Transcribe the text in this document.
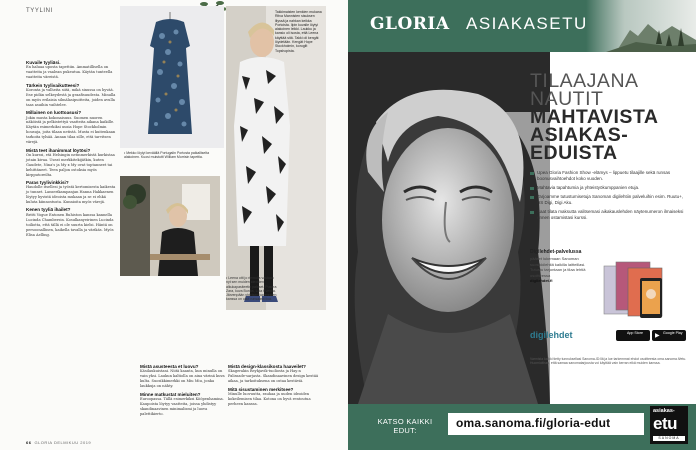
TYYLINI
• Mekko löytyi keväällä Portugalin Portosta paikalliselta alakoinen. Kuosi muistutti William Morrisin tapettia.
Takkimaisten kenkien mukana Ritva Mannisten sisuksen lilyssä ja nahkan keikka Portoista. Ilpin kuvalle löytyi alakoinen leikki. Laukku ja kansio oli isosta, että Leena käyttää sitä. Takki oli kengät löydetään. Kengät Hope Stockholmin, korugilt Topshopista.
• Leena otti jo riemulla vastaan nyt sen muiden ideoiden alkukapasiteetin palaset. Pusera Zara, kuva Bunba, Lola Kventia. Järvenpään yhteisen kavereiden kanssa on ollut runsaasti iloa.
Kuvaile tyyliäsi.
En haluaa uposta tapettiin. Ammatillisella on vaatteita ja vaalean pukeutua. Käytän tunteella vaatteita väreistä.
Tärkein tyylivaikutteesi?
Koronta ja valheita siitä, mikä sinussa on hyvää. Itse pidän selkeydestä ja graafisuudesta. Minulla on myös erilaisia silmälasipuitteita, joiden avulla taas asuihin vaihtelee.
Millainen on luottoasusi?
Jokin musta kokonaisuus. Suomen nuoren näköistä ja pelkistettyä vaatteita aikana kaikille. Käytän esimerkiksi uusia Hope Stockholmin housuja, joita tilaan netistä. Musta ei kuitenkaan tarkoita tylsää. Annan tilaa sille, että tarvitsen värejä.
Mistä teet ihanimmat löytösi?
On kurssi, etä Helsingin netinmerkistä kurkistaa jotain kivaa. Useat merkkitekijätkin, kuten Gaudete, Nina's ja My x My ovat toptanneet tai kehittäneet. Teen paljon ostoksia myös kirpputoreilta.
Paras tyylivinkkisi?
Haudolle itsellesi ja työstä kertomisesta kaikesta jo tunnet. Lanserikampanjan Hanna Hakkaenen löytyy hyvistä ideoista mukaan ja se ei ehkä kuluta kiinnostusta. Kunnioita myös värejä.
Kenen tyyliä ihailet?
Britti Vogue Entonen Ruhiston kanssa kannella Lucinda Chambersin. Kosulkanyeirinen Lucinda toiliotta, että tällä ei ole suurta kielsi. Häntä on persoonallinen, kaikella tavalla ja värikäs. Myös Elisa Aelling.
Mistä asusteesta et luovu?
Käsilaukuistani. Niitä kaanta, kun minulla on vain yksi. Laukun kaltiolla on aina värinä kuva kulta. Suosikkimerkki on Miu Miu, jonka laukkuja on nähty.
Minne matkustat mieluiten?
Euroopassa. Tällä esimerkiksi Kööpenhamina. Kaupoista löytyy vaatteita, joissa yhdistyy skandinaavinen minimalismi ja luova palettikierto.
Mistä design-klassikosta haaveilet?
Skagerakin Reykjavik-tuoliosta ja Hay:n Palissade-sarjasta. Skandinaavinen design kestää aikaa, ja tarkoituksena on ostaa kestäviä.
Mitä sisustaminen merkitsee?
Minulle luovuutta, rauhaa ja uuden ideoiden kokeilemisen tilaa. Kotona on hyvä rentoutua perheen kanssa.
66 GLORIA DELMIKUU 2019
GLORIA ASIAKASETU
TILAAJANA NAUTIT
MAHTAVISTA ASIAKAS-EDUISTA
Upea Gloria Fashion Show -elämys – lippuetu tilaajille sekä runsas boonusvaihtoehdot koko vuoden.
Mahtavia tapahtumia ja yhteistyökumppanien etuja.
Tarjoamme tutustumisetuja Sanoman digilehtiin palveluihin esim. Ruutu+, HS Digi, Digi Aku.
Saat tilata maksutta valitsemasi aikakauslehden näytenumeron ilmaiseksi ennen ostamistasi kurssi.
Digilehdet-palvelussa
pääset lukemaan Sanoman suosikkilehtiä kaikilla laitteillasi. Tutustu tarjontaan ja tilaa lehtiä osoitteessa
digilehdet.fi
digilehdet	App Store	▶ Google Play
Varmista kaikki tietty tunnuksellasi Sanoma-ID:llä ja lue tarkemmat ehdot osoitteesta oma.sanoma.fi/etu. Huomioithan, että samaa sanomatarjousta voi käyttää vain kerran eikä muiden kanssa.
KATSO KAIKKI EDUT:	oma.sanoma.fi/gloria-edut
asiakas-
etu
SANOMA
